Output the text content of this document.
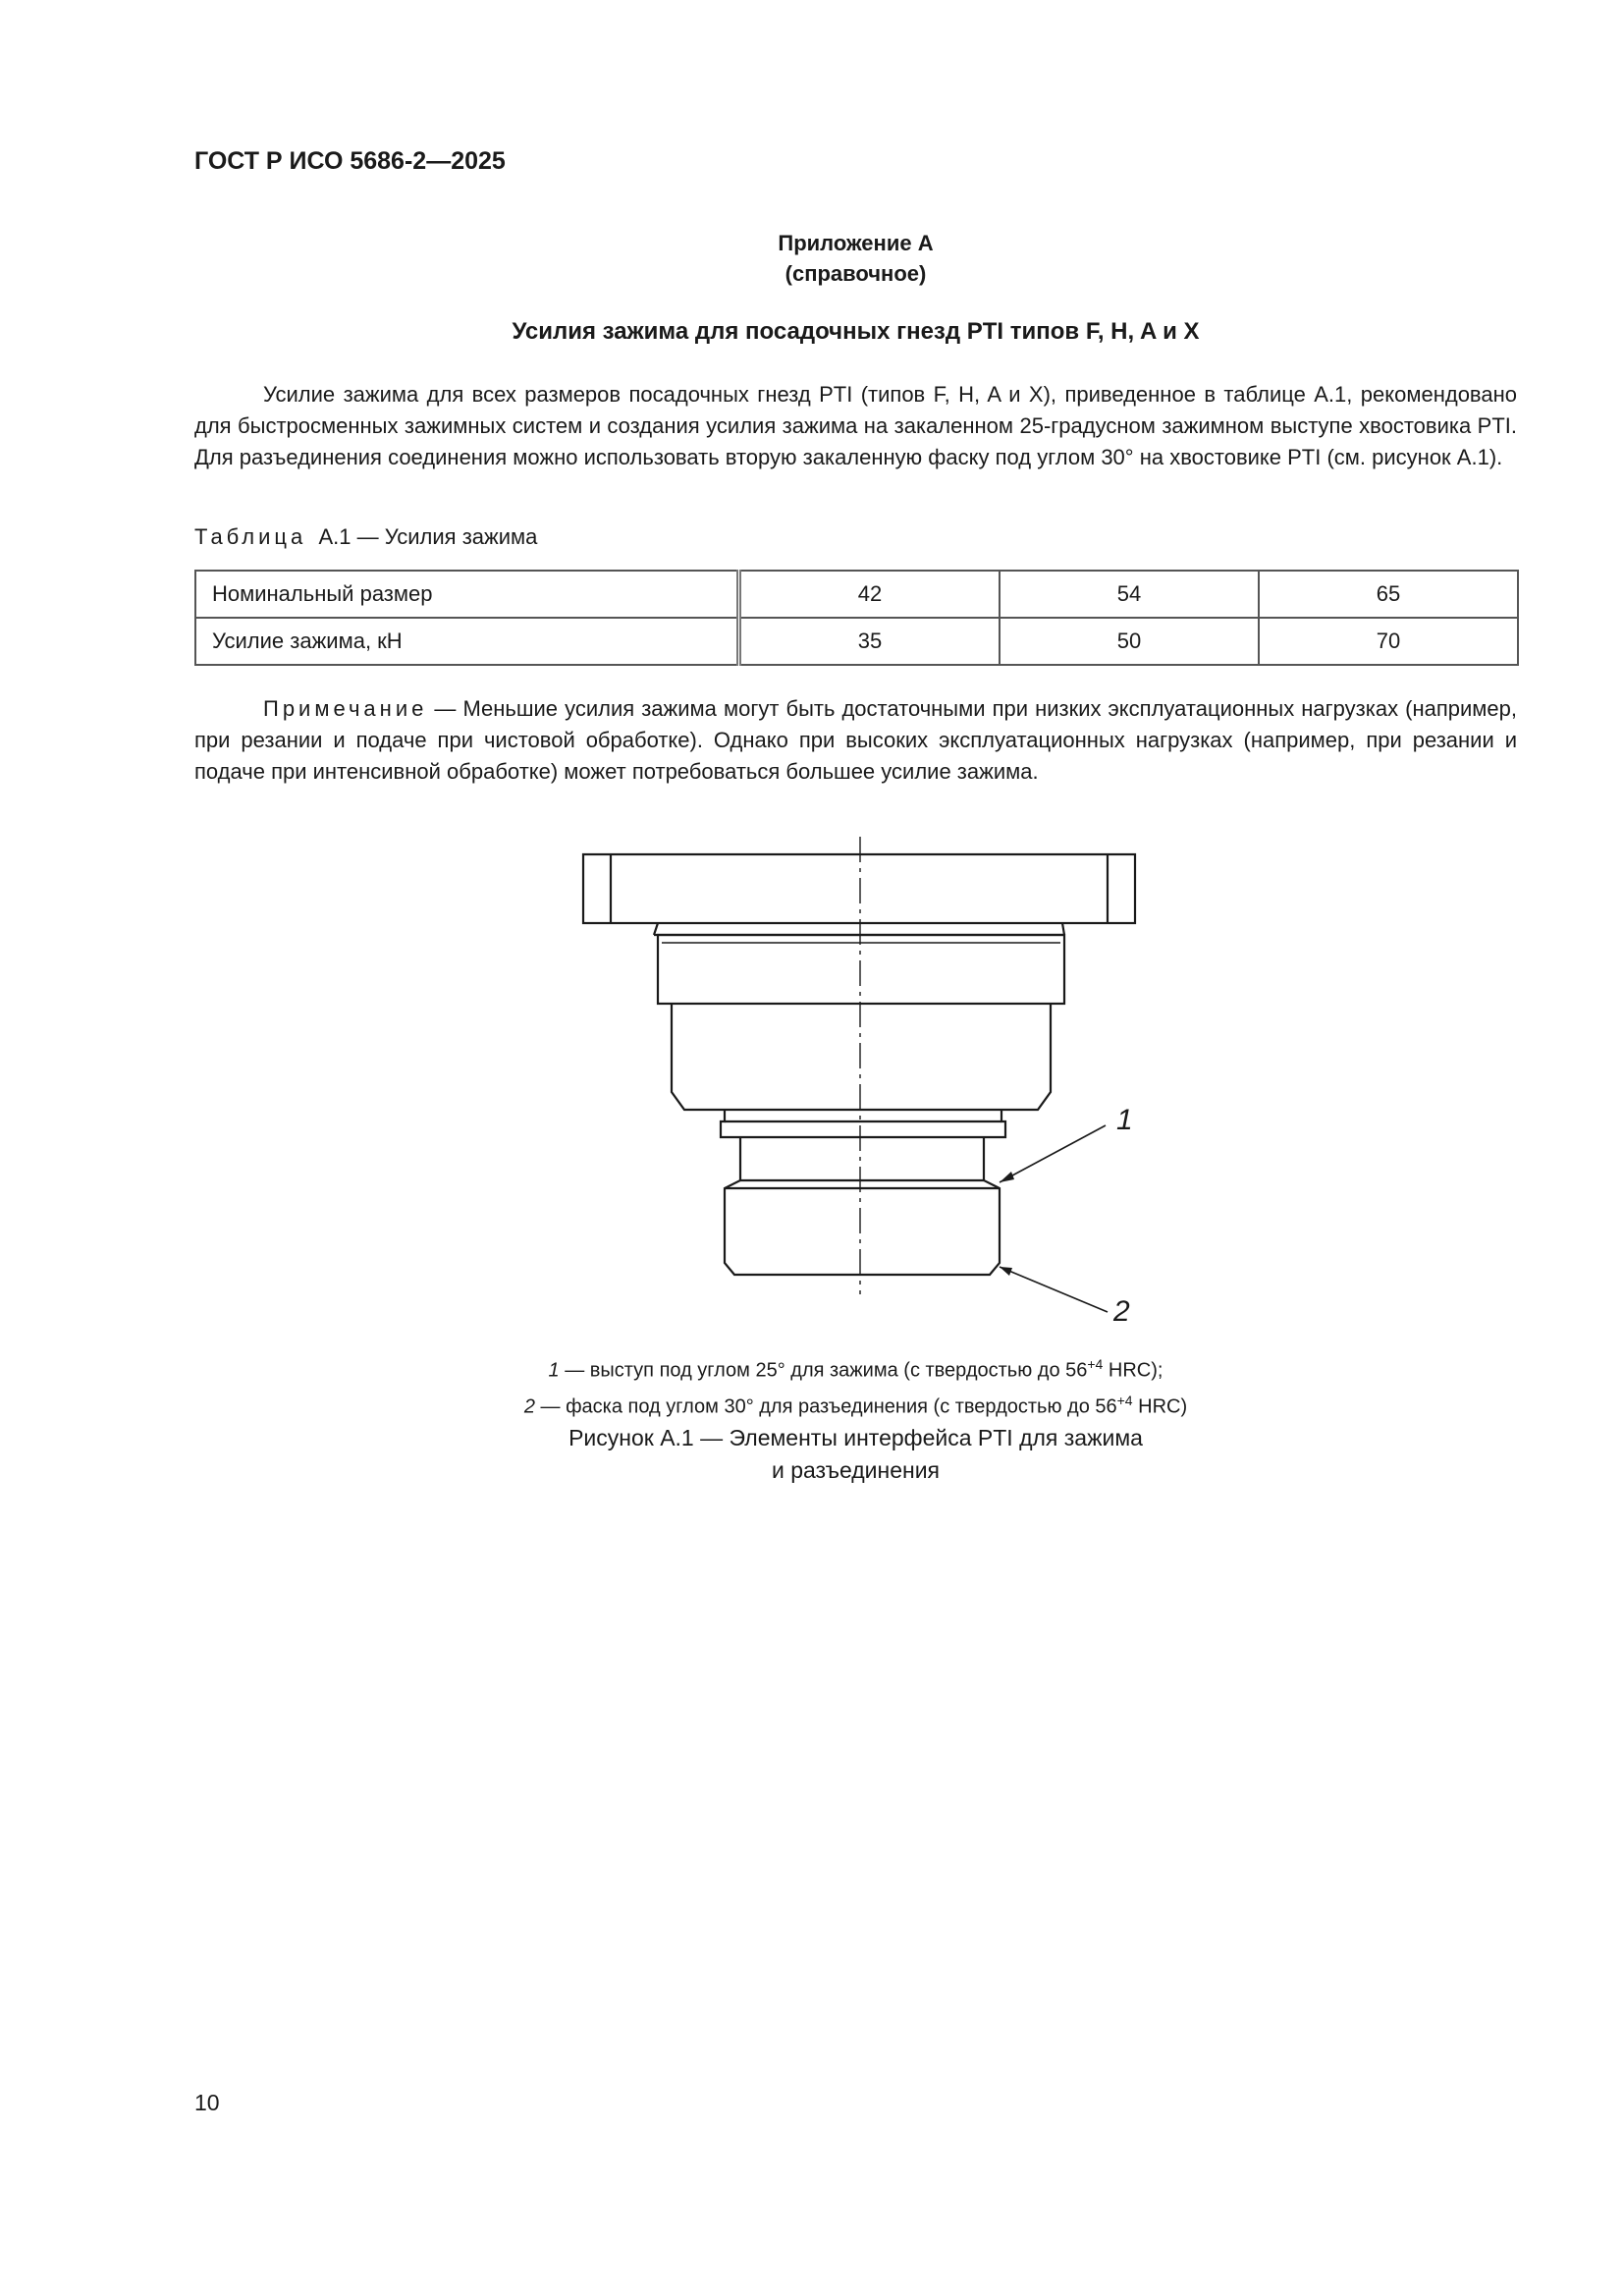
ГОСТ Р ИСО 5686-2—2025
Приложение А
(справочное)
Усилия зажима для посадочных гнезд PTI типов F, H, A и X
Усилие зажима для всех размеров посадочных гнезд PTI (типов F, H, A и X), приведенное в таблице А.1, рекомендовано для быстросменных зажимных систем и создания усилия зажима на закаленном 25-градусном зажимном выступе хвостовика PTI. Для разъединения соединения можно использовать вторую закаленную фаску под углом 30° на хвостовике PTI (см. рисунок А.1).
Таблица А.1 — Усилия зажима
Номинальный размер	42	54	65
Усилие зажима, кН	35	50	70
Примечание — Меньшие усилия зажима могут быть достаточными при низких эксплуатационных нагрузках (например, при резании и подаче при чистовой обработке). Однако при высоких эксплуатационных нагрузках (например, при резании и подаче при интенсивной обработке) может потребоваться большее усилие зажима.
1
2
1 — выступ под углом 25° для зажима (с твердостью до $56^{+4}$ HRC);
2 — фаска под углом 30° для разъединения (с твердостью до $56^{+4}$ HRC)
Рисунок А.1 — Элементы интерфейса PTI для зажима
и разъединения
10
